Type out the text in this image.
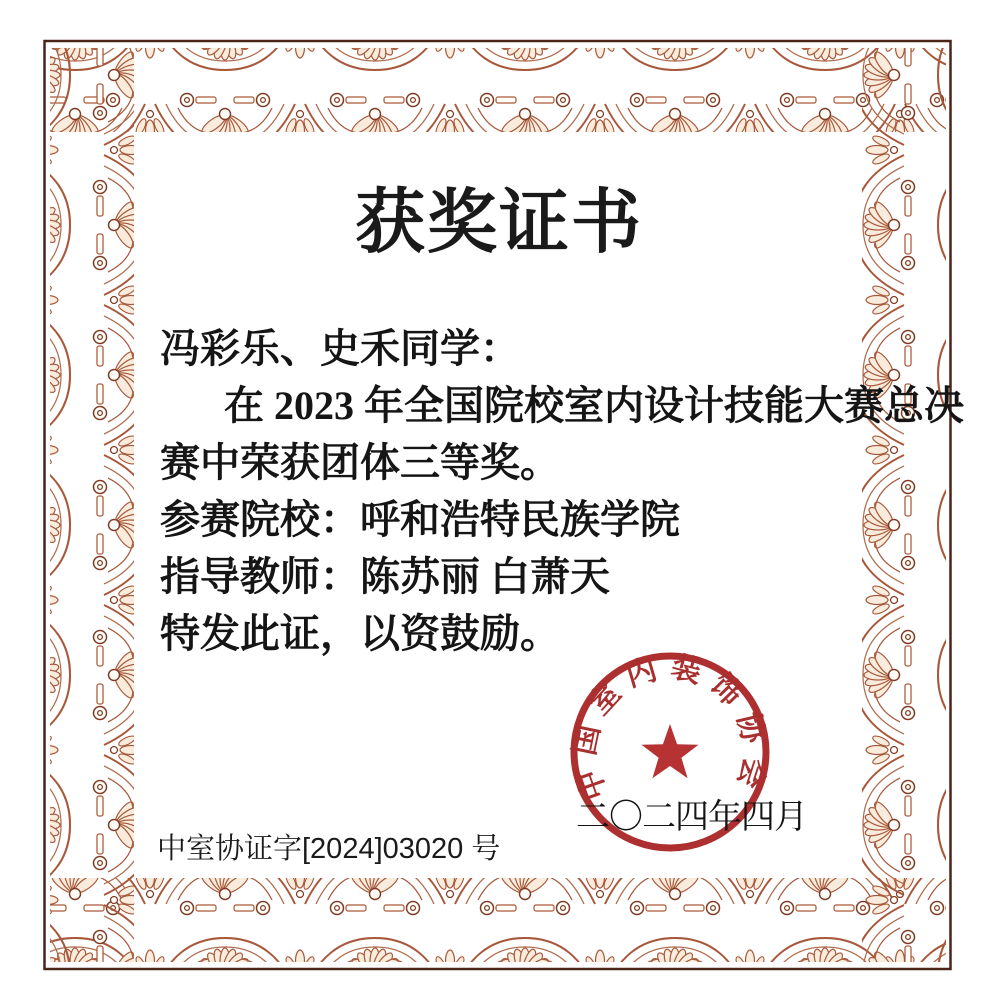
获奖证书
冯彩乐、史禾同学：
在 2023 年全国院校室内设计技能大赛总决
赛中荣获团体三等奖。
参赛院校：呼和浩特民族学院
指导教师：陈苏丽 白萧天
特发此证，以资鼓励。
中国室内装饰协会
二〇二四年四月
中室协证字[2024]03020 号
